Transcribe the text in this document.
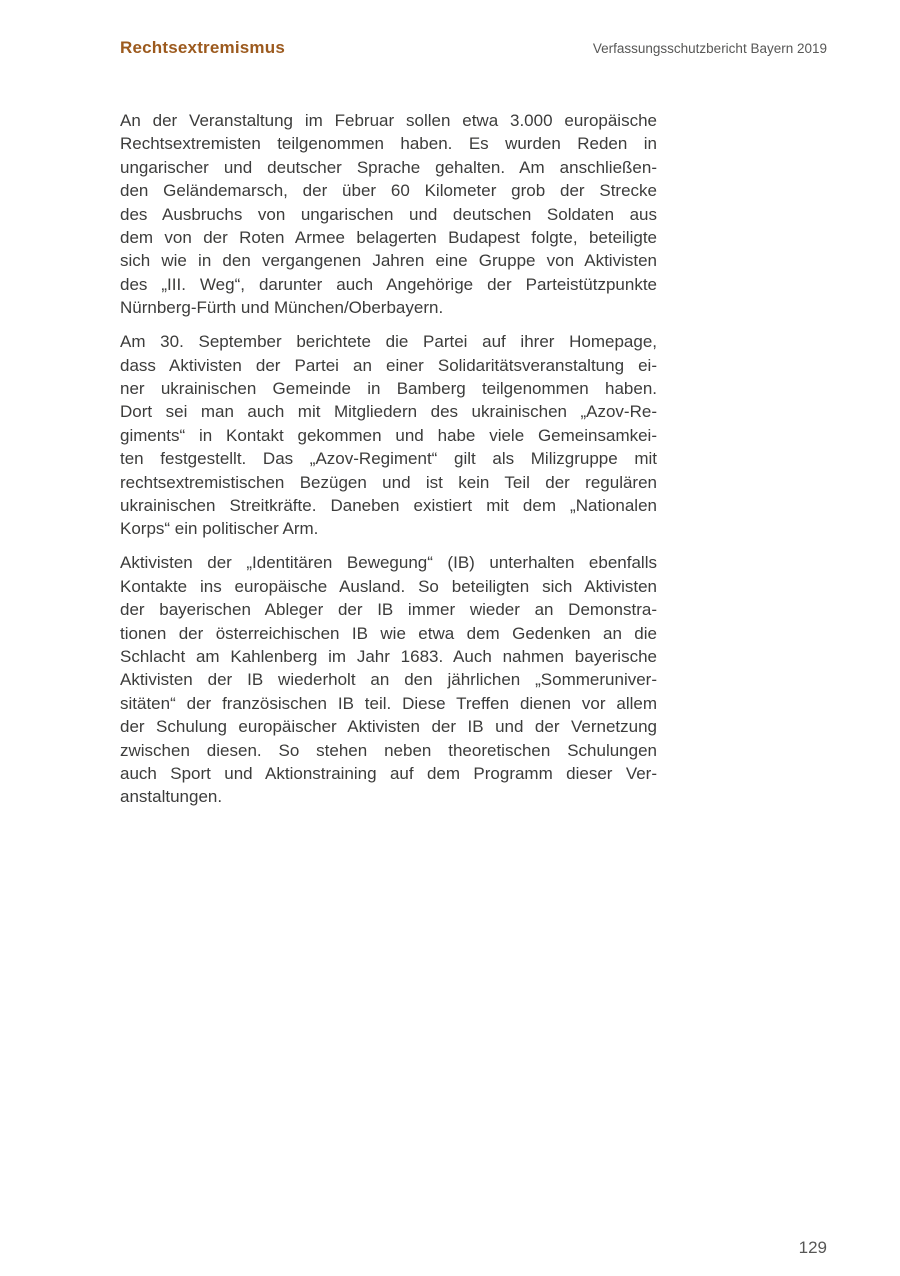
Rechtsextremismus	Verfassungsschutzbericht Bayern 2019
An der Veranstaltung im Februar sollen etwa 3.000 europäische
Rechtsextremisten teilgenommen haben. Es wurden Reden in
ungarischer und deutscher Sprache gehalten. Am anschließen-
den Geländemarsch, der über 60 Kilometer grob der Strecke
des Ausbruchs von ungarischen und deutschen Soldaten aus
dem von der Roten Armee belagerten Budapest folgte, beteiligte
sich wie in den vergangenen Jahren eine Gruppe von Aktivisten
des „III. Weg“, darunter auch Angehörige der Parteistützpunkte
Nürnberg-Fürth und München/Oberbayern.
Am 30. September berichtete die Partei auf ihrer Homepage,
dass Aktivisten der Partei an einer Solidaritätsveranstaltung ei-
ner ukrainischen Gemeinde in Bamberg teilgenommen haben.
Dort sei man auch mit Mitgliedern des ukrainischen „Azov-Re-
giments“ in Kontakt gekommen und habe viele Gemeinsamkei-
ten festgestellt. Das „Azov-Regiment“ gilt als Milizgruppe mit
rechtsextremistischen Bezügen und ist kein Teil der regulären
ukrainischen Streitkräfte. Daneben existiert mit dem „Nationalen
Korps“ ein politischer Arm.
Aktivisten der „Identitären Bewegung“ (IB) unterhalten ebenfalls
Kontakte ins europäische Ausland. So beteiligten sich Aktivisten
der bayerischen Ableger der IB immer wieder an Demonstra-
tionen der österreichischen IB wie etwa dem Gedenken an die
Schlacht am Kahlenberg im Jahr 1683. Auch nahmen bayerische
Aktivisten der IB wiederholt an den jährlichen „Sommeruniver-
sitäten“ der französischen IB teil. Diese Treffen dienen vor allem
der Schulung europäischer Aktivisten der IB und der Vernetzung
zwischen diesen. So stehen neben theoretischen Schulungen
auch Sport und Aktionstraining auf dem Programm dieser Ver-
anstaltungen.
129
